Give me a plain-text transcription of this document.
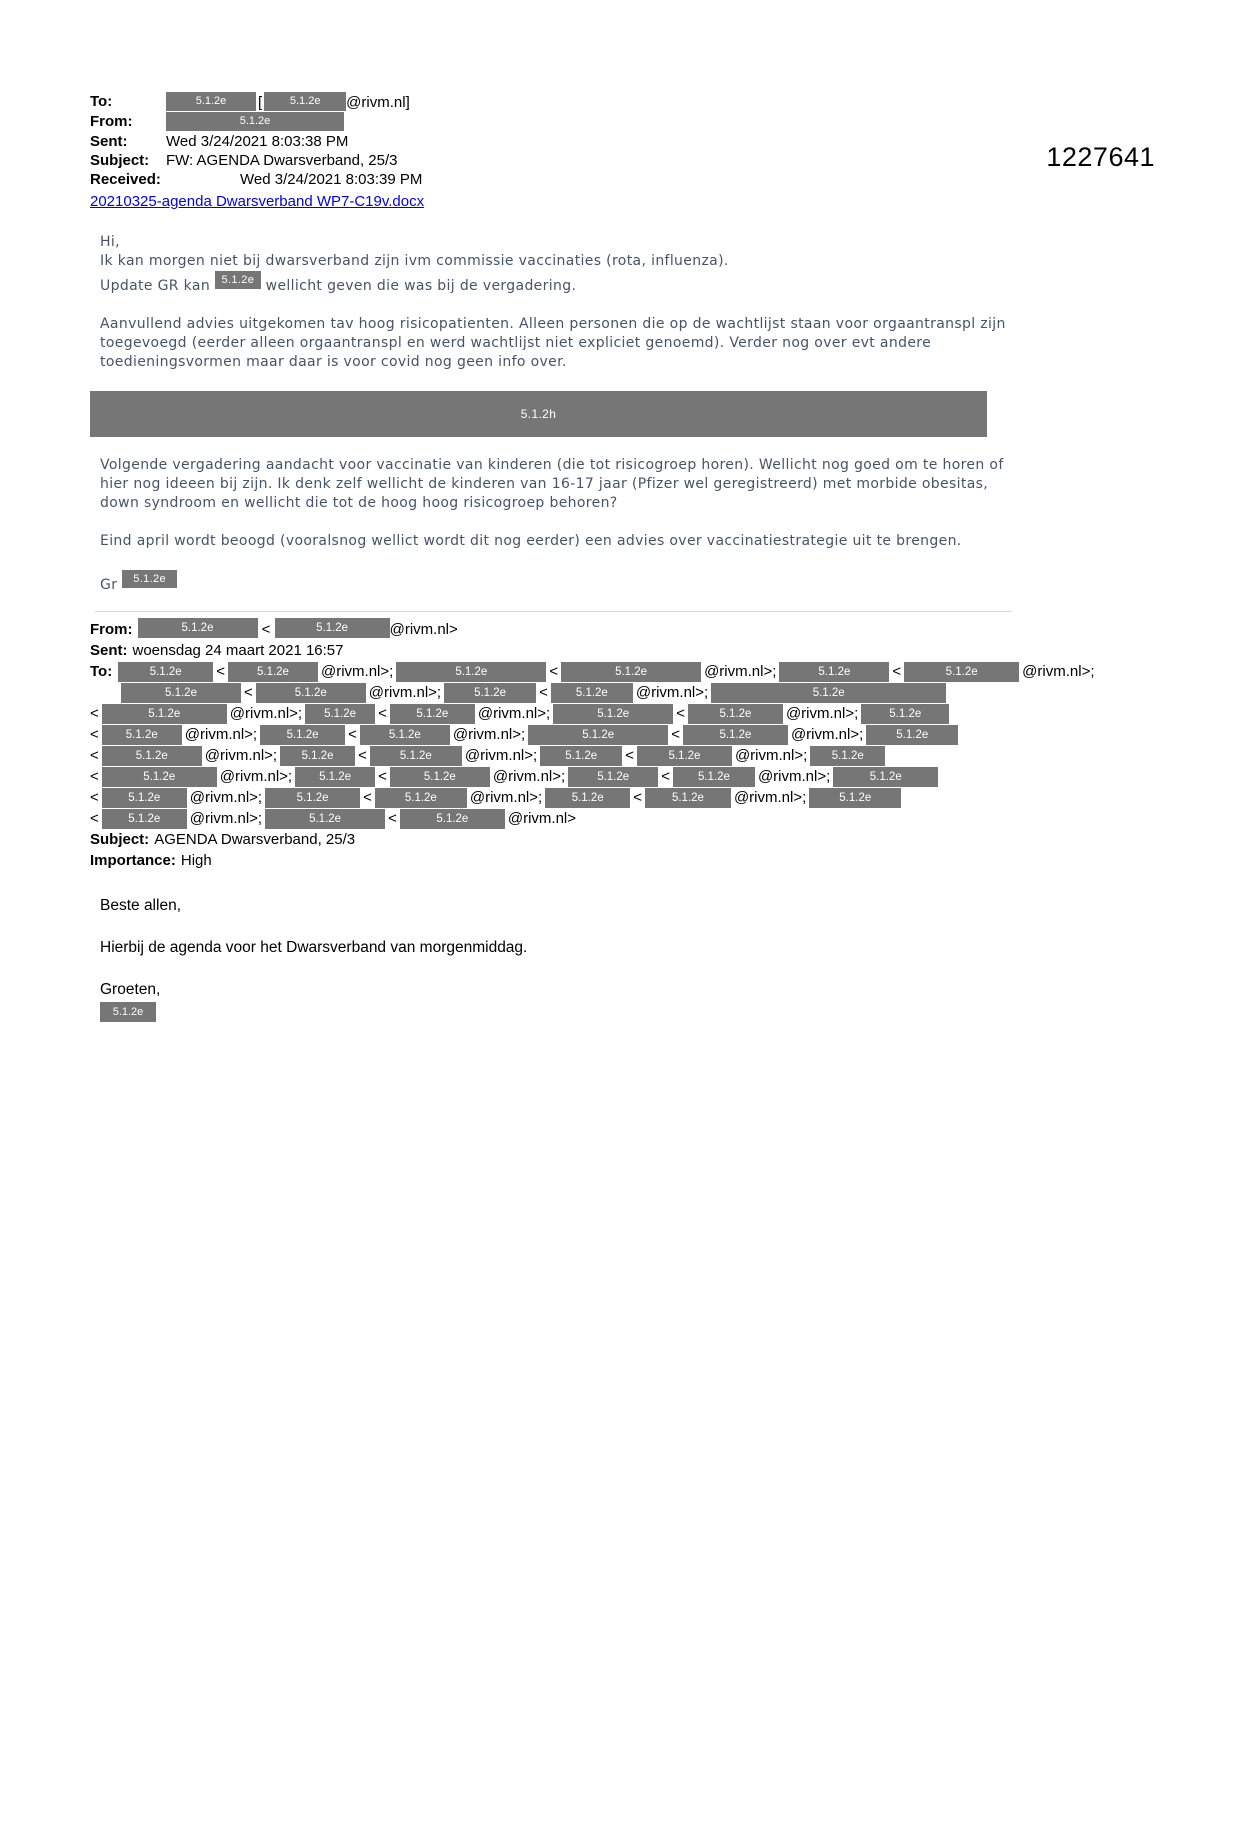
1227641
To:	5.1.2e [	5.1.2e @rivm.nl]
From:	5.1.2e
Sent:	Wed 3/24/2021 8:03:38 PM
Subject:	FW: AGENDA Dwarsverband, 25/3
Received:	Wed 3/24/2021 8:03:39 PM
20210325-agenda Dwarsverband WP7-C19v.docx

Hi,

Ik kan morgen niet bij dwarsverband zijn ivm commissie vaccinaties (rota, influenza).

Update GR kan 5.1.2e wellicht geven die was bij de vergadering.

Aanvullend advies uitgekomen tav hoog risicopatienten. Alleen personen die op de wachtlijst staan voor orgaantranspl zijn toegevoegd (eerder alleen orgaantranspl en werd wachtlijst niet expliciet genoemd). Verder nog over evt andere toedieningsvormen maar daar is voor covid nog geen info over.

5.1.2h

Volgende vergadering aandacht voor vaccinatie van kinderen (die tot risicogroep horen). Wellicht nog goed om te horen of hier nog ideeen bij zijn. Ik denk zelf wellicht de kinderen van 16-17 jaar (Pfizer wel geregistreerd) met morbide obesitas, down syndroom en wellicht die tot de hoog hoog risicogroep behoren?

Eind april wordt beoogd (vooralsnog wellict wordt dit nog eerder) een advies over vaccinatiestrategie uit te brengen.

Gr 5.1.2e

From:	5.1.2e	<	5.1.2e	@rivm.nl>
Sent: woensdag 24 maart 2021 16:57
To:	5.1.2e	<	5.1.2e	@rivm.nl>;	5.1.2e	<	5.1.2e	@rivm.nl>;	5.1.2e	<	5.1.2e	@rivm.nl>;
5.1.2e	<	5.1.2e	@rivm.nl>;	5.1.2e	<	5.1.2e	@rivm.nl>;	5.1.2e
<	5.1.2e	@rivm.nl>;	5.1.2e	<	5.1.2e	@rivm.nl>;	5.1.2e	<	5.1.2e	@rivm.nl>;	5.1.2e
<	5.1.2e	@rivm.nl>;	5.1.2e	<	5.1.2e	@rivm.nl>;	5.1.2e	<	5.1.2e	@rivm.nl>;	5.1.2e
<	5.1.2e	@rivm.nl>;	5.1.2e	<	5.1.2e	@rivm.nl>;	5.1.2e	<	5.1.2e	@rivm.nl>;	5.1.2e
<	5.1.2e	@rivm.nl>;	5.1.2e	<	5.1.2e	@rivm.nl>;	5.1.2e	<	5.1.2e	@rivm.nl>;	5.1.2e
<	5.1.2e	@rivm.nl>;	5.1.2e	<	5.1.2e	@rivm.nl>;	5.1.2e	<	5.1.2e	@rivm.nl>;	5.1.2e
<	5.1.2e	@rivm.nl>;	5.1.2e	<	5.1.2e	@rivm.nl>
Subject: AGENDA Dwarsverband, 25/3
Importance: High

Beste allen,

Hierbij de agenda voor het Dwarsverband van morgenmiddag.

Groeten,

5.1.2e
